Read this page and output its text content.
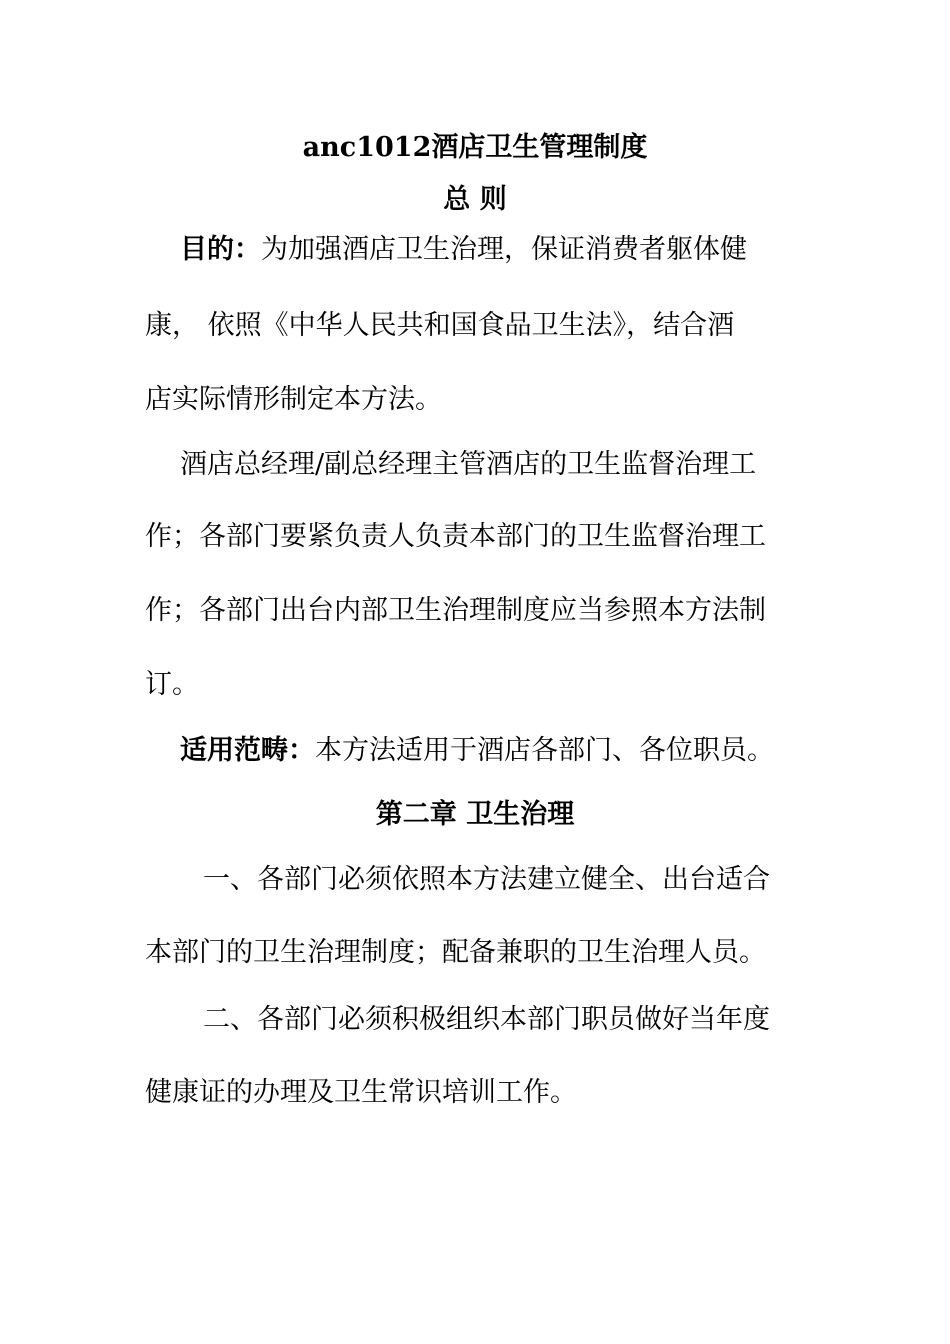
anc1012酒店卫生管理制度
总 则
目的：为加强酒店卫生治理，保证消费者躯体健
康， 依照《中华人民共和国食品卫生法》，结合酒
店实际情形制定本方法。
酒店总经理/副总经理主管酒店的卫生监督治理工
作；各部门要紧负责人负责本部门的卫生监督治理工
作；各部门出台内部卫生治理制度应当参照本方法制
订。
适用范畴：本方法适用于酒店各部门、各位职员。
第二章 卫生治理
一、各部门必须依照本方法建立健全、出台适合
本部门的卫生治理制度；配备兼职的卫生治理人员。
二、各部门必须积极组织本部门职员做好当年度
健康证的办理及卫生常识培训工作。
